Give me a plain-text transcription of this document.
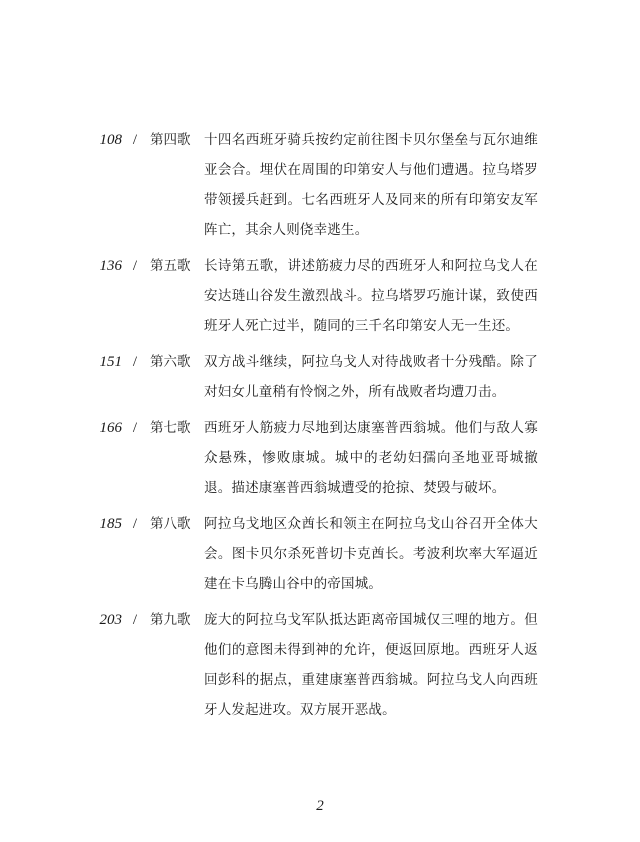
108 / 第四歌 十四名西班牙骑兵按约定前往图卡贝尔堡垒与瓦尔迪维亚会合。埋伏在周围的印第安人与他们遭遇。拉乌塔罗带领援兵赶到。七名西班牙人及同来的所有印第安友军阵亡，其余人则侥幸逃生。
136 / 第五歌 长诗第五歌，讲述筋疲力尽的西班牙人和阿拉乌戈人在安达琏山谷发生激烈战斗。拉乌塔罗巧施计谋，致使西班牙人死亡过半，随同的三千名印第安人无一生还。
151 / 第六歌 双方战斗继续，阿拉乌戈人对待战败者十分残酷。除了对妇女儿童稍有怜悯之外，所有战败者均遭刀击。
166 / 第七歌 西班牙人筋疲力尽地到达康塞普西翁城。他们与敌人寡众悬殊，惨败康城。城中的老幼妇孺向圣地亚哥城撤退。描述康塞普西翁城遭受的抢掠、焚毁与破坏。
185 / 第八歌 阿拉乌戈地区众酋长和领主在阿拉乌戈山谷召开全体大会。图卡贝尔杀死普切卡克酋长。考波利坎率大军逼近建在卡乌腾山谷中的帝国城。
203 / 第九歌 庞大的阿拉乌戈军队抵达距离帝国城仅三哩的地方。但他们的意图未得到神的允许，便返回原地。西班牙人返回彭科的据点，重建康塞普西翁城。阿拉乌戈人向西班牙人发起进攻。双方展开恶战。
2
